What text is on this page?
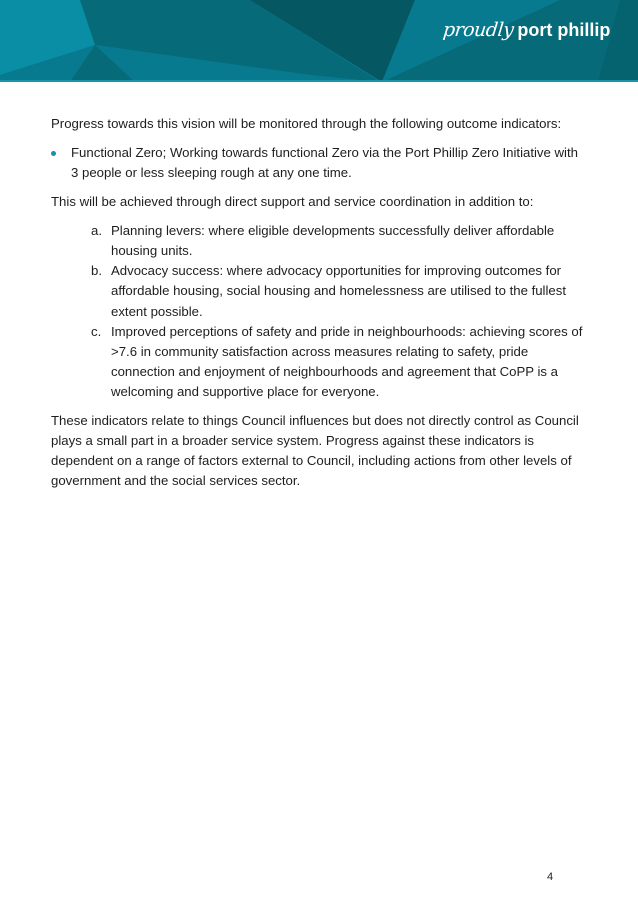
proudly port phillip

Progress towards this vision will be monitored through the following outcome indicators:

Functional Zero; Working towards functional Zero via the Port Phillip Zero Initiative with 3 people or less sleeping rough at any one time.

This will be achieved through direct support and service coordination in addition to:

a. Planning levers: where eligible developments successfully deliver affordable housing units.
b. Advocacy success: where advocacy opportunities for improving outcomes for affordable housing, social housing and homelessness are utilised to the fullest extent possible.
c. Improved perceptions of safety and pride in neighbourhoods: achieving scores of >7.6 in community satisfaction across measures relating to safety, pride connection and enjoyment of neighbourhoods and agreement that CoPP is a welcoming and supportive place for everyone.

These indicators relate to things Council influences but does not directly control as Council plays a small part in a broader service system. Progress against these indicators is dependent on a range of factors external to Council, including actions from other levels of government and the social services sector.

4
